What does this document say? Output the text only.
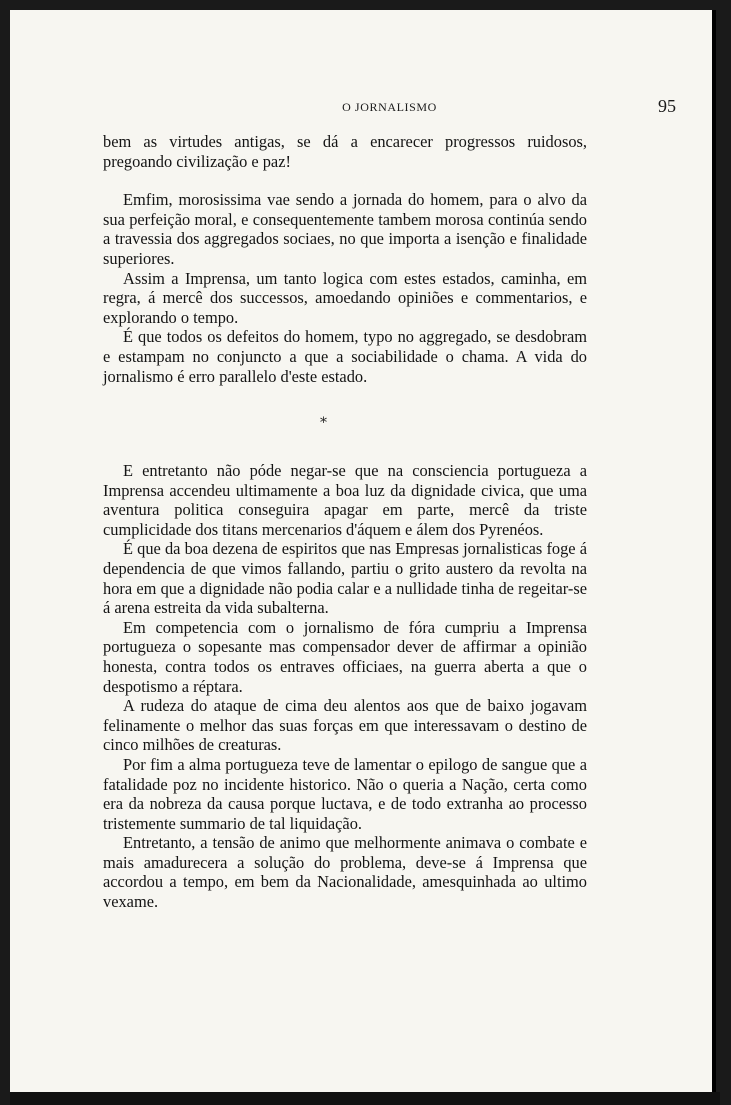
O JORNALISMO	95

bem as virtudes antigas, se dá a encarecer progressos ruidosos, pregoando civilização e paz!

Emfim, morosissima vae sendo a jornada do homem, para o alvo da sua perfeição moral, e consequentemente tambem morosa continúa sendo a travessia dos aggregados sociaes, no que importa a isenção e finalidade superiores.

Assim a Imprensa, um tanto logica com estes estados, caminha, em regra, á mercê dos successos, amoedando opiniões e commentarios, e explorando o tempo.

É que todos os defeitos do homem, typo no aggregado, se desdobram e estampam no conjuncto a que a sociabilidade o chama. A vida do jornalismo é erro parallelo d'este estado.

*

E entretanto não póde negar-se que na consciencia portugueza a Imprensa accendeu ultimamente a boa luz da dignidade civica, que uma aventura politica conseguira apagar em parte, mercê da triste cumplicidade dos titans mercenarios d'áquem e álem dos Pyrenéos.

É que da boa dezena de espiritos que nas Empresas jornalisticas foge á dependencia de que vimos fallando, partiu o grito austero da revolta na hora em que a dignidade não podia calar e a nullidade tinha de regeitar-se á arena estreita da vida subalterna.

Em competencia com o jornalismo de fóra cumpriu a Imprensa portugueza o sopesante mas compensador dever de affirmar a opinião honesta, contra todos os entraves officiaes, na guerra aberta a que o despotismo a réptara.

A rudeza do ataque de cima deu alentos aos que de baixo jogavam felinamente o melhor das suas forças em que interessavam o destino de cinco milhões de creaturas.

Por fim a alma portugueza teve de lamentar o epilogo de sangue que a fatalidade poz no incidente historico. Não o queria a Nação, certa como era da nobreza da causa porque luctava, e de todo extranha ao processo tristemente summario de tal liquidação.

Entretanto, a tensão de animo que melhormente animava o combate e mais amadurecera a solução do problema, deve-se á Imprensa que accordou a tempo, em bem da Nacionalidade, amesquinhada ao ultimo vexame.
